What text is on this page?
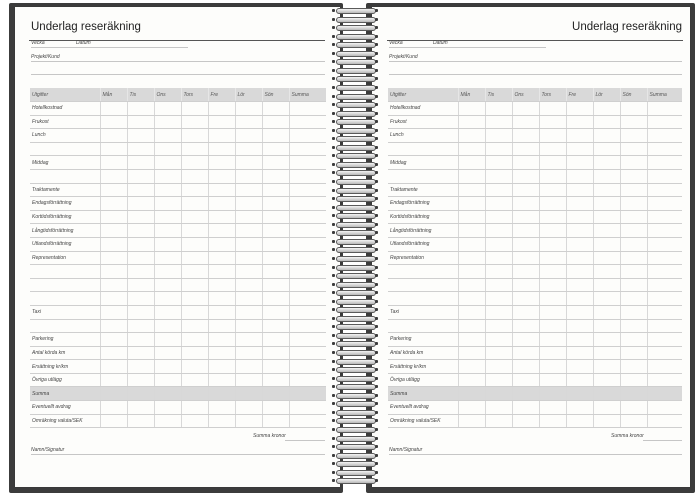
Underlag reseräkning
Vecka	Datum
Projekt/Kund
Utgifter	Mån	Tis	Ons	Tors	Fre	Lör	Sön	Summa
Hotellkostnad								
Frukost								
Lunch								

Middag								

Traktamente								
Endagsförrättning								
Korttidsförrättning								
Långtidsförrättning								
Utlandsförrättning								
Representation								

Taxi								

Parkering								
Antal körda km								
Ersättning kr/km								
Övriga utlägg								
Summa								
Eventuellt avdrag								
Omräkning valuta/SEK								
Summa kronor
Namn/Signatur
Underlag reseräkning
Vecka	Datum
Projekt/Kund
Utgifter	Mån	Tis	Ons	Tors	Fre	Lör	Sön	Summa
Hotellkostnad								
Frukost								
Lunch								

Middag								

Traktamente								
Endagsförrättning								
Korttidsförrättning								
Långtidsförrättning								
Utlandsförrättning								
Representation								

Taxi								

Parkering								
Antal körda km								
Ersättning kr/km								
Övriga utlägg								
Summa								
Eventuellt avdrag								
Omräkning valuta/SEK								
Summa kronor
Namn/Signatur
